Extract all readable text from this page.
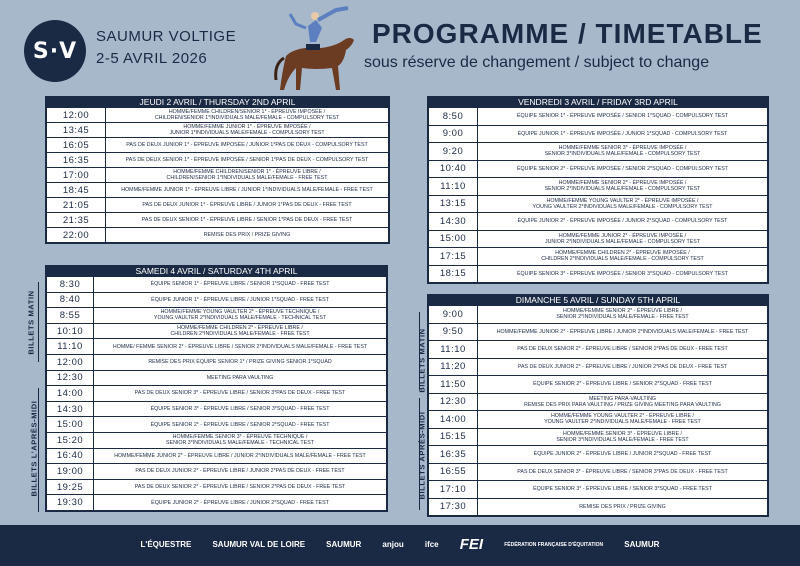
S·V
SAUMUR VOLTIGE
2-5 AVRIL 2026
PROGRAMME / TIMETABLE
sous réserve de changement / subject to change
JEUDI 2 AVRIL / THURSDAY 2ND APRIL
12:00	HOMME/FEMME CHILDREN/SENIOR 1* - ÉPREUVE IMPOSÉE /
CHILDREN/SENIOR 1*INDIVIDUALS MALE/FEMALE - COMPULSORY TEST
13:45	HOMME/FEMME JUNIOR 1* - ÉPREUVE IMPOSÉE /
JUNIOR 1*INDIVIDUALS MALE/FEMALE - COMPULSORY TEST
16:05	PAS DE DEUX JUNIOR 1* - ÉPREUVE IMPOSÉE / JUNIOR 1*PAS DE DEUX - COMPULSORY TEST
16:35	PAS DE DEUX SENIOR 1* - ÉPREUVE IMPOSÉE / SENIOR 1*PAS DE DEUX - COMPULSORY TEST
17:00	HOMME/FEMME CHILDREN/SENIOR 1* - ÉPREUVE LIBRE /
CHILDREN/SENIOR 1*INDIVIDUALS MALE/FEMALE - FREE TEST
18:45	HOMME/FEMME JUNIOR 1* - ÉPREUVE LIBRE / JUNIOR 1*INDIVIDUALS MALE/FEMALE - FREE TEST
21:05	PAS DE DEUX JUNIOR 1* - ÉPREUVE LIBRE / JUNIOR 1*PAS DE DEUX - FREE TEST
21:35	PAS DE DEUX SENIOR 1* - ÉPREUVE LIBRE / SENIOR 1*PAS DE DEUX - FREE TEST
22:00	REMISE DES PRIX / PRIZE GIVING
SAMEDI 4 AVRIL / SATURDAY 4TH APRIL
8:30	ÉQUIPE SENIOR 1* - ÉPREUVE LIBRE / SENIOR 1*SQUAD - FREE TEST
8:40	ÉQUIPE JUNIOR 1* - ÉPREUVE LIBRE / JUNIOR 1*SQUAD - FREE TEST
8:55	HOMME/FEMME YOUNG VAULTER 2* - ÉPREUVE TECHNIQUE /
YOUNG VAULTER 2*INDIVIDUALS MALE/FEMALE - TECHNICAL TEST
10:10	HOMME/FEMME CHILDREN 2* - ÉPREUVE LIBRE /
CHILDREN 2*INDIVIDUALS MALE/FEMALE - FREE TEST
11:10	HOMME/ FEMME SENIOR 2* - ÉPREUVE LIBRE / SENIOR 2*INDIVIDUALS MALE/FEMALE - FREE TEST
12:00	REMISE DES PRIX ÉQUIPE SENIOR 1* / PRIZE GIVING SENIOR 1*SQUAD
12:30	MEETING PARA VAULTING
14:00	PAS DE DEUX SENIOR 3* - ÉPREUVE LIBRE / SENIOR 3*PAS DE DEUX - FREE TEST
14:30	ÉQUIPE SENIOR 3* - ÉPREUVE LIBRE / SENIOR 3*SQUAD - FREE TEST
15:00	ÉQUIPE SENIOR 2* - ÉPREUVE LIBRE / SENIOR 2*SQUAD - FREE TEST
15:20	HOMME/FEMME SENIOR 3* - ÉPREUVE TECHNIQUE /
SENIOR 3*INDIVIDUALS MALE/FEMALE - TECHNICAL TEST
16:40	HOMME/FEMME JUNIOR 2* - ÉPREUVE LIBRE / JUNIOR 2*INDIVIDUALS MALE/FEMALE - FREE TEST
19:00	PAS DE DEUX JUNIOR 2* - ÉPREUVE LIBRE / JUNIOR 2*PAS DE DEUX - FREE TEST
19:25	PAS DE DEUX SENIOR 2* - ÉPREUVE LIBRE / SENIOR 2*PAS DE DEUX - FREE TEST
19:30	ÉQUIPE JUNIOR 2* - ÉPREUVE LIBRE / JUNIOR 2*SQUAD - FREE TEST
VENDREDI 3 AVRIL / FRIDAY 3RD APRIL
8:50	ÉQUIPE SENIOR 1* - ÉPREUVE IMPOSÉE / SENIOR 1*SQUAD - COMPULSORY TEST
9:00	ÉQUIPE JUNIOR 1* - ÉPREUVE IMPOSÉE / JUNIOR 1*SQUAD - COMPULSORY TEST
9:20	HOMME/FEMME SENIOR 3* - ÉPREUVE IMPOSÉE /
SENIOR 3*INDIVIDUALS MALE/FEMALE - COMPULSORY TEST
10:40	ÉQUIPE SENIOR 2* - ÉPREUVE IMPOSÉE / SENIOR 2*SQUAD - COMPULSORY TEST
11:10	HOMME/FEMME SENIOR 2* - ÉPREUVE IMPOSÉE /
SENIOR 2*INDIVIDUALS MALE/FEMALE - COMPULSORY TEST
13:15	HOMME/FEMME YOUNG VAULTER 2* - ÉPREUVE IMPOSÉE /
YOUNG VAULTER 2*INDIVIDUALS MALE/FEMALE - COMPULSORY TEST
14:30	ÉQUIPE JUNIOR 2* - ÉPREUVE IMPOSÉE / JUNIOR 2*SQUAD - COMPULSORY TEST
15:00	HOMME/FEMME JUNIOR 2* - ÉPREUVE IMPOSÉE /
JUNIOR 2*INDIVIDUALS MALE/FEMALE - COMPULSORY TEST
17:15	HOMME/FEMME CHILDREN 2* - ÉPREUVE IMPOSÉE /
CHILDREN 2*INDIVIDUALS MALE/FEMALE - COMPULSORY TEST
18:15	ÉQUIPE SENIOR 3* - ÉPREUVE IMPOSÉE / SENIOR 3*SQUAD - COMPULSORY TEST
DIMANCHE 5 AVRIL / SUNDAY 5TH APRIL
9:00	HOMME/FEMME SENIOR 2* - ÉPREUVE LIBRE /
SENIOR 2*INDIVIDUALS MALE/FEMALE - FREE TEST
9:50	HOMME/FEMME JUNIOR 2* - ÉPREUVE LIBRE / JUNIOR 2*INDIVIDUALS MALE/FEMALE - FREE TEST
11:10	PAS DE DEUX SENIOR 2* - ÉPREUVE LIBRE / SENIOR 2*PAS DE DEUX - FREE TEST
11:20	PAS DE DEUX JUNIOR 2* - ÉPREUVE LIBRE / JUNIOR 2*PAS DE DEUX - FREE TEST
11:50	ÉQUIPE SENIOR 2* - ÉPREUVE LIBRE / SENIOR 2*SQUAD - FREE TEST
12:30	MEETING PARA-VAULTING
REMISE DES PRIX PARA VAULTING / PRIZE GIVING MEETING PARA VAULTING
14:00	HOMME/FEMME YOUNG VAULTER 2* - ÉPREUVE LIBRE /
YOUNG VAULTER 2*INDIVIDUALS MALE/FEMALE - FREE TEST
15:15	HOMME/FEMME SENIOR 3* - ÉPREUVE LIBRE /
SENIOR 3*INDIVIDUALS MALE/FEMALE - FREE TEST
16:35	ÉQUIPE JUNIOR 2* - ÉPREUVE LIBRE / JUNIOR 2*SQUAD - FREE TEST
16:55	PAS DE DEUX SENIOR 3* - ÉPREUVE LIBRE / SENIOR 3*PAS DE DEUX - FREE TEST
17:10	ÉQUIPE SENIOR 3* - ÉPREUVE LIBRE / SENIOR 3*SQUAD - FREE TEST
17:30	REMISE DES PRIX / PRIZE GIVING
BILLETS MATIN
BILLETS L'APRÈS-MIDI
BILLETS MATIN
BILLETS APRÈS-MIDI
L'ÉQUESTRE	SAUMUR VAL DE LOIRE	SAUMUR	anjou	ifce FEI	FÉDÉRATION FRANÇAISE D'ÉQUITATION	SAUMUR
